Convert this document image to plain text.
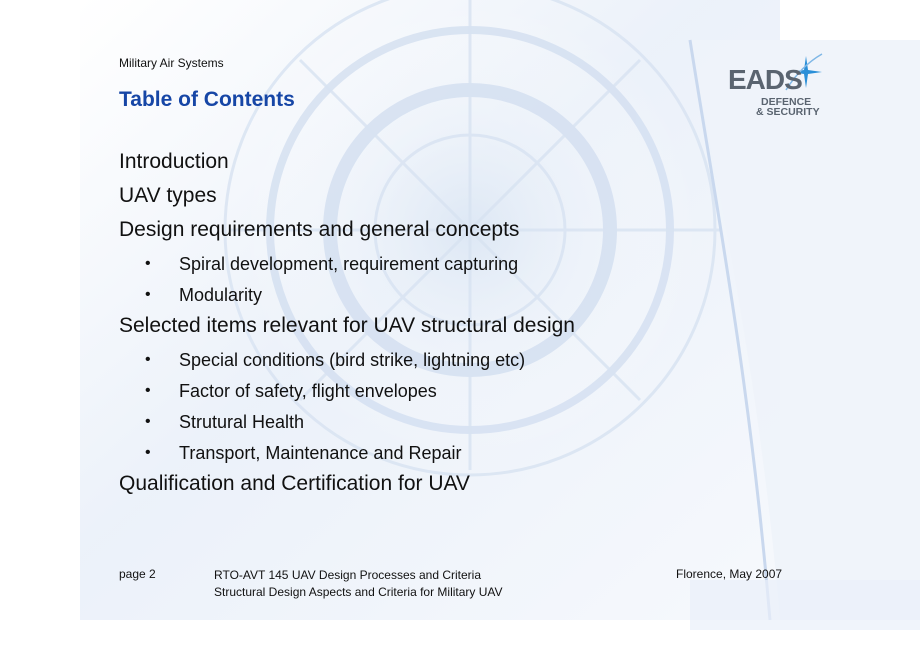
Military Air Systems
Table of Contents
EADS
DEFENCE
& SECURITY
Introduction
UAV types
Design requirements and general concepts
• Spiral development, requirement capturing
• Modularity
Selected items relevant for UAV structural design
• Special conditions (bird strike, lightning etc)
• Factor of safety, flight envelopes
• Strutural Health
• Transport, Maintenance and Repair
Qualification and Certification for UAV
page 2	RTO-AVT 145 UAV Design Processes and Criteria
Structural Design Aspects and Criteria for Military UAV
Florence, May 2007
